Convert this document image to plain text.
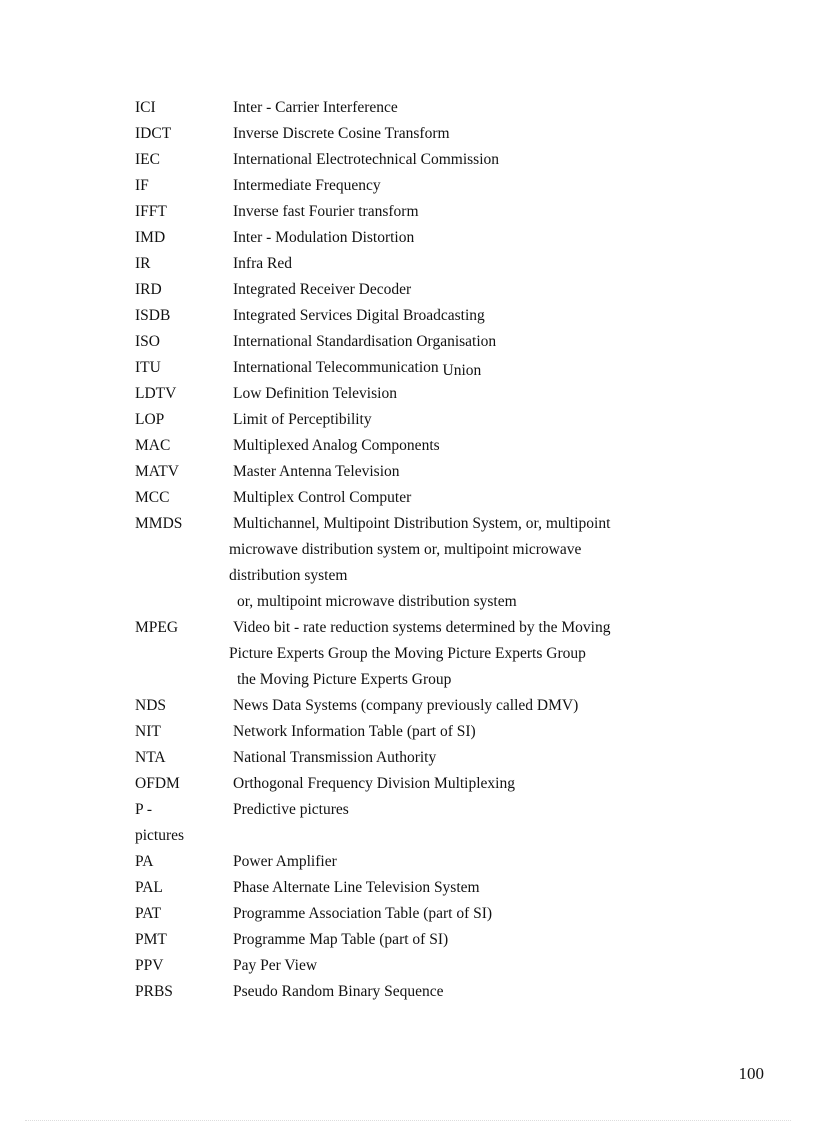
ICI	Inter - Carrier Interference
IDCT	Inverse Discrete Cosine Transform
IEC	International Electrotechnical Commission
IF	Intermediate Frequency
IFFT	Inverse fast Fourier transform
IMD	Inter - Modulation Distortion
IR	Infra Red
IRD	Integrated Receiver Decoder
ISDB	Integrated Services Digital Broadcasting
ISO	International Standardisation Organisation
ITU	International Telecommunication Union
LDTV	Low Definition Television
LOP	Limit of Perceptibility
MAC	Multiplexed Analog Components
MATV	Master Antenna Television
MCC	Multiplex Control Computer
MMDS	Multichannel, Multipoint Distribution System, or, multipoint
microwave distribution system or, multipoint microwave
distribution system
or, multipoint microwave distribution system
MPEG	Video bit - rate reduction systems determined by the Moving
Picture Experts Group the Moving Picture Experts Group
the Moving Picture Experts Group
NDS	News Data Systems (company previously called DMV)
NIT	Network Information Table (part of SI)
NTA	National Transmission Authority
OFDM	Orthogonal Frequency Division Multiplexing
P -	Predictive pictures
pictures
PA	Power Amplifier
PAL	Phase Alternate Line Television System
PAT	Programme Association Table (part of SI)
PMT	Programme Map Table (part of SI)
PPV	Pay Per View
PRBS	Pseudo Random Binary Sequence
100
